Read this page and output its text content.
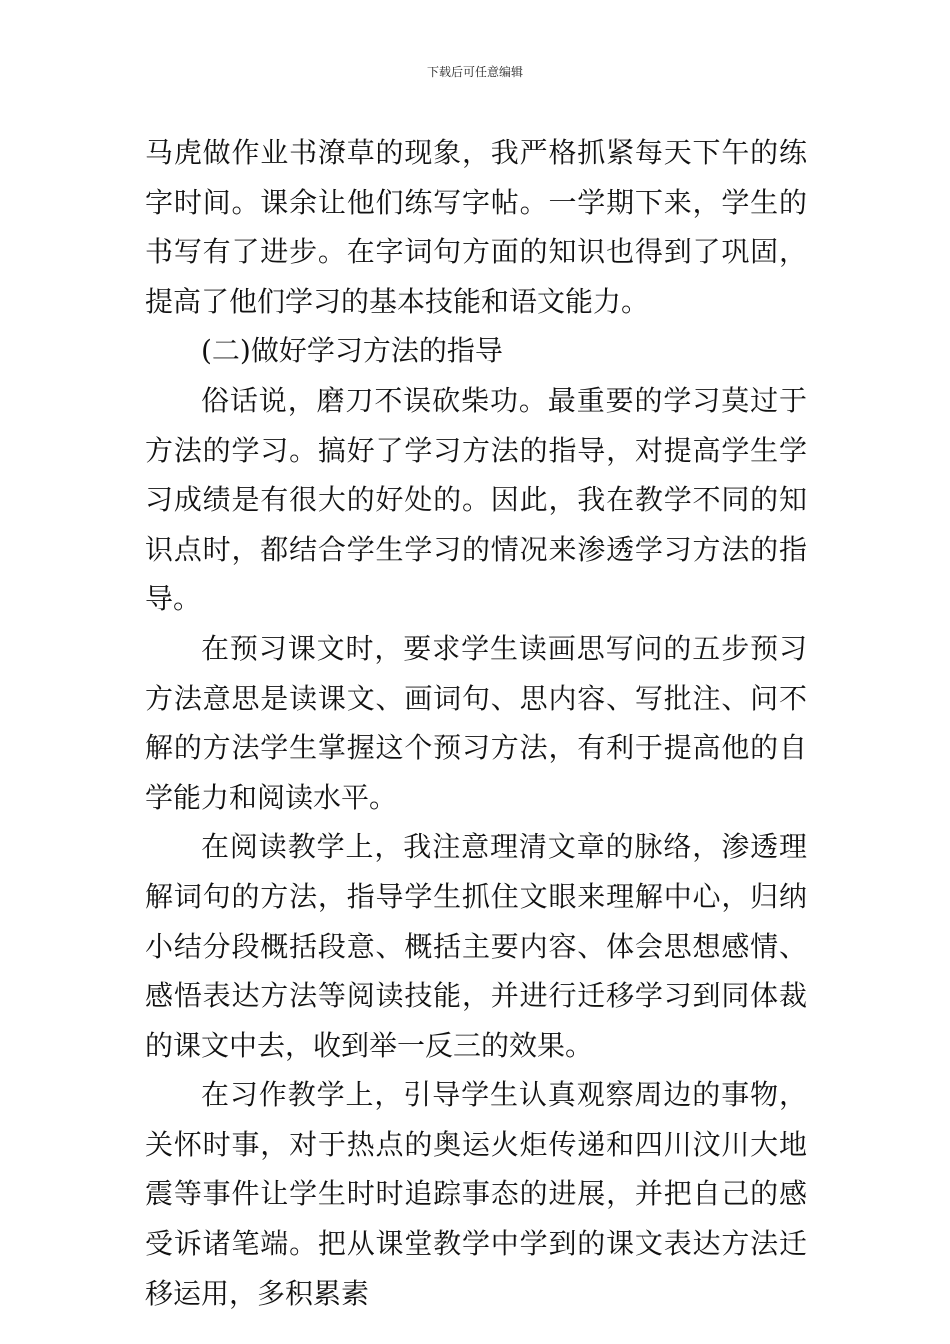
下载后可任意编辑

马虎做作业书潦草的现象，我严格抓紧每天下午的练字时间。课余让他们练写字帖。一学期下来，学生的书写有了进步。在字词句方面的知识也得到了巩固，提高了他们学习的基本技能和语文能力。

(二)做好学习方法的指导

俗话说，磨刀不误砍柴功。最重要的学习莫过于方法的学习。搞好了学习方法的指导，对提高学生学习成绩是有很大的好处的。因此，我在教学不同的知识点时，都结合学生学习的情况来渗透学习方法的指导。

在预习课文时，要求学生读画思写问的五步预习方法意思是读课文、画词句、思内容、写批注、问不解的方法学生掌握这个预习方法，有利于提高他的自学能力和阅读水平。

在阅读教学上，我注意理清文章的脉络，渗透理解词句的方法，指导学生抓住文眼来理解中心，归纳小结分段概括段意、概括主要内容、体会思想感情、感悟表达方法等阅读技能，并进行迁移学习到同体裁的课文中去，收到举一反三的效果。

在习作教学上，引导学生认真观察周边的事物，关怀时事，对于热点的奥运火炬传递和四川汶川大地震等事件让学生时时追踪事态的进展，并把自己的感受诉诸笔端。把从课堂教学中学到的课文表达方法迁移运用，多积累素
